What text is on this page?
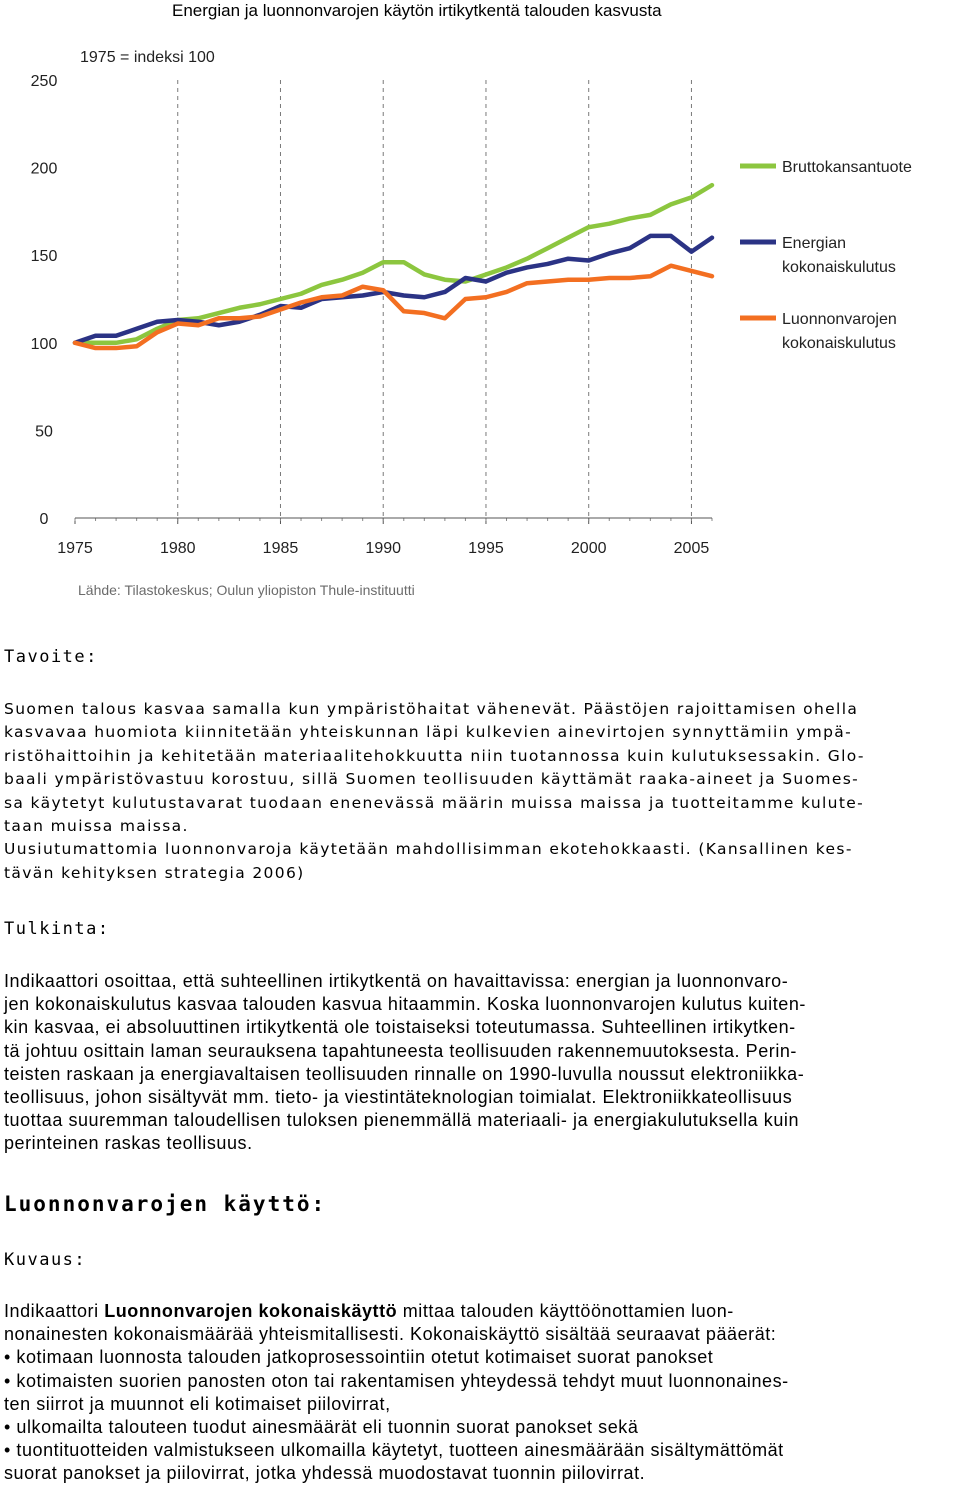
Energian ja luonnonvarojen käytön irtikytkentä talouden kasvusta
0
50
100
150
200
250
1975	1980	1985	1990	1995	2000	2005
1975 = indeksi 100
Bruttokansantuote
Energian kokonaiskulutus
Luonnonvarojen kokonaiskulutus
Lähde: Tilastokeskus; Oulun yliopiston Thule-instituutti
Tavoite:
Suomen talous kasvaa samalla kun ympäristöhaitat vähenevät. Päästöjen rajoittamisen ohella
kasvavaa huomiota kiinnitetään yhteiskunnan läpi kulkevien ainevirtojen synnyttämiin ympä-
ristöhaittoihin ja kehitetään materiaalitehokkuutta niin tuotannossa kuin kulutuksessakin. Glo-
baali ympäristövastuu korostuu, sillä Suomen teollisuuden käyttämät raaka-aineet ja Suomes-
sa käytetyt kulutustavarat tuodaan enenevässä määrin muissa maissa ja tuotteitamme kulute-
taan muissa maissa.
Uusiutumattomia luonnonvaroja käytetään mahdollisimman ekotehokkaasti. (Kansallinen kes-
tävän kehityksen strategia 2006)
Tulkinta:
Indikaattori osoittaa, että suhteellinen irtikytkentä on havaittavissa: energian ja luonnonvaro-
jen kokonaiskulutus kasvaa talouden kasvua hitaammin. Koska luonnonvarojen kulutus kuiten-
kin kasvaa, ei absoluuttinen irtikytkentä ole toistaiseksi toteutumassa. Suhteellinen irtikytken-
tä johtuu osittain laman seurauksena tapahtuneesta teollisuuden rakennemuutoksesta. Perin-
teisten raskaan ja energiavaltaisen teollisuuden rinnalle on 1990-luvulla noussut elektroniikka-
teollisuus, johon sisältyvät mm. tieto- ja viestintäteknologian toimialat. Elektroniikkateollisuus
tuottaa suuremman taloudellisen tuloksen pienemmällä materiaali- ja energiakulutuksella kuin
perinteinen raskas teollisuus.
Luonnonvarojen käyttö:
Kuvaus:
Indikaattori Luonnonvarojen kokonaiskäyttö mittaa talouden käyttöönottamien luon-
nonainesten kokonaismäärää yhteismitallisesti. Kokonaiskäyttö sisältää seuraavat pääerät:
• kotimaan luonnosta talouden jatkoprosessointiin otetut kotimaiset suorat panokset
• kotimaisten suorien panosten oton tai rakentamisen yhteydessä tehdyt muut luonnonaines-
ten siirrot ja muunnot eli kotimaiset piilovirrat,
• ulkomailta talouteen tuodut ainesmäärät eli tuonnin suorat panokset sekä
• tuontituotteiden valmistukseen ulkomailla käytetyt, tuotteen ainesmäärään sisältymättömät
suorat panokset ja piilovirrat, jotka yhdessä muodostavat tuonnin piilovirrat.
